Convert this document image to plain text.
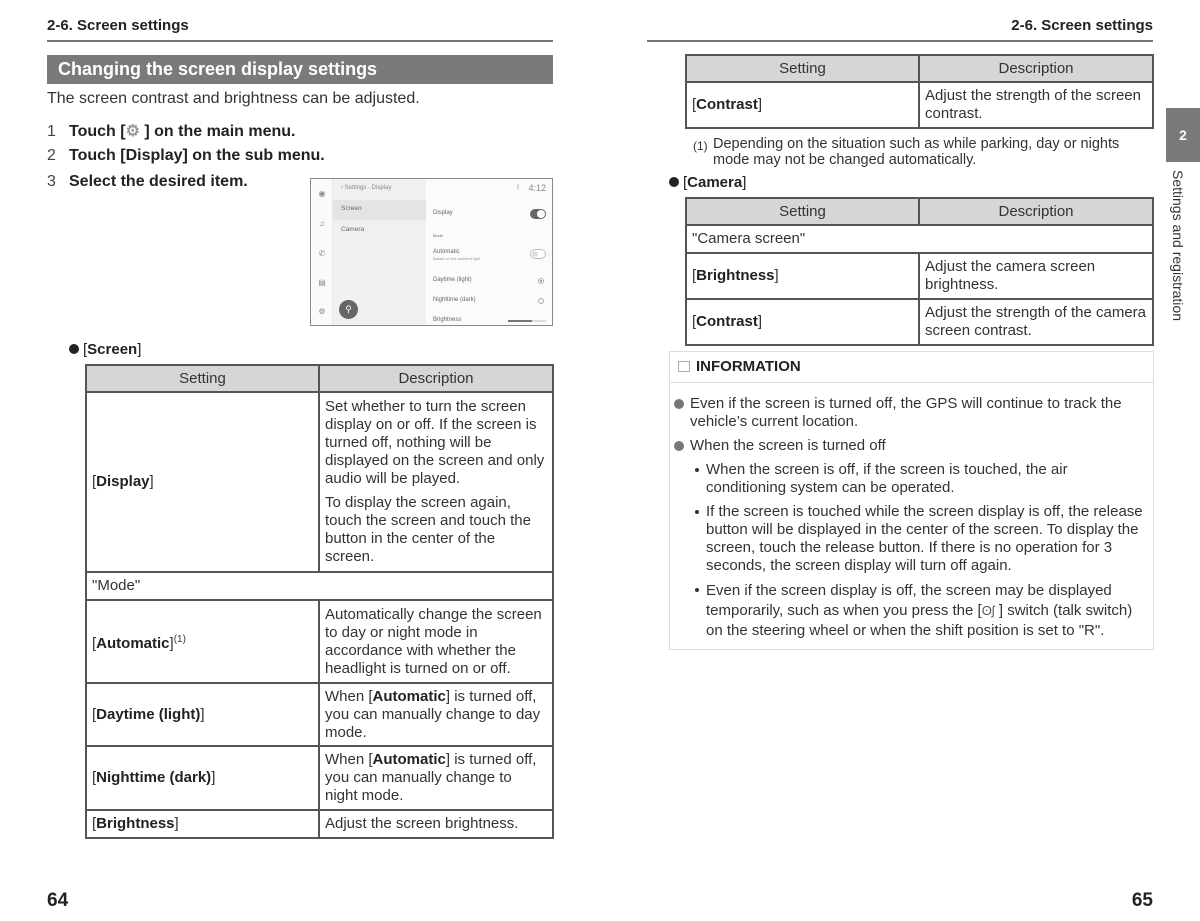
2-6. Screen settings
Changing the screen display settings
The screen contrast and brightness can be adjusted.
1 Touch [⚙ ] on the main menu.
2 Touch [Display] on the sub menu.
3 Select the desired item.
◉
♫
✆
▤
⚙
Screen
Camera
‹ Settings · Display
Display
Mode
Automatic
Based on the ambient light
Daytime (light)
Nighttime (dark)
Brightness
ᛒ 4:12
⚲
[Screen]
Setting	Description
[Display]	Set whether to turn the screen display on or off. If the screen is turned off, nothing will be displayed on the screen and only audio will be played.

To display the screen again, touch the screen and touch the button in the center of the screen.

"Mode"	
[Automatic]$^{(1)}$	Automatically change the screen to day or night mode in accordance with whether the headlight is turned on or off.
[Daytime (light)]	When [Automatic] is turned off, you can manually change to day mode.
[Nighttime (dark)]	When [Automatic] is turned off, you can manually change to night mode.
[Brightness]	Adjust the screen brightness.
64
2-6. Screen settings
Setting	Description
[Contrast]	Adjust the strength of the screen contrast.
(1) Depending on the situation such as while parking, day or nights mode may not be changed automatically.
[Camera]
Setting	Description
"Camera screen"	
[Brightness]	Adjust the camera screen brightness.
[Contrast]	Adjust the strength of the camera screen contrast.
INFORMATION
Even if the screen is turned off, the GPS will continue to track the vehicle’s current location.
When the screen is turned off
When the screen is off, if the screen is touched, the air conditioning system can be operated.
If the screen is touched while the screen display is off, the release button will be displayed in the center of the screen. To display the screen, touch the release button. If there is no operation for 3 seconds, the screen display will turn off again.
Even if the screen display is off, the screen may be displayed temporarily, such as when you press the [ʘʃ ] switch (talk switch) on the steering wheel or when the shift position is set to "R".
2
Settings and registration
65
